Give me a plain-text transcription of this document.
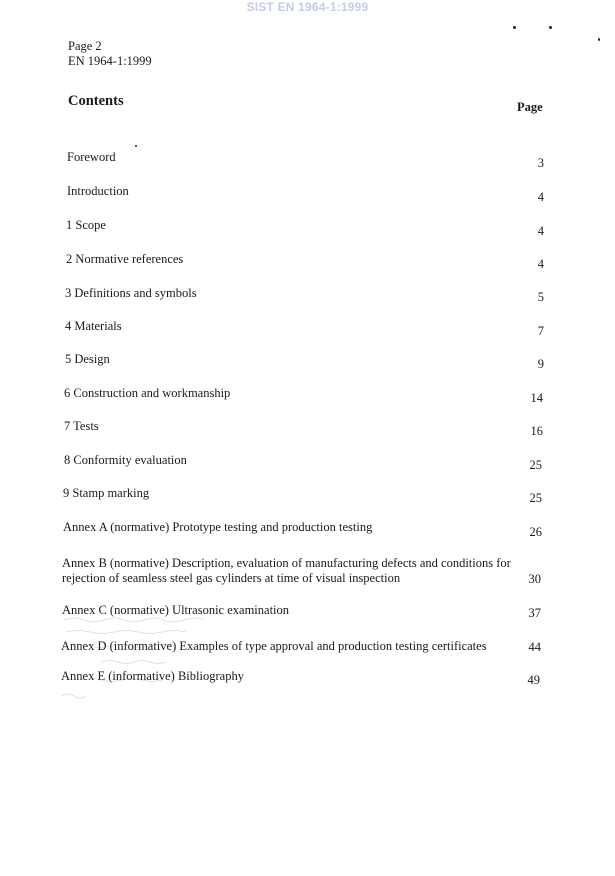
SIST EN 1964-1:1999
Page 2
EN 1964-1:1999
Contents	Page
Foreword	3
Introduction	4
1 Scope	4
2 Normative references	4
3 Definitions and symbols	5
4 Materials	7
5 Design	9
6 Construction and workmanship	14
7 Tests	16
8 Conformity evaluation	25
9 Stamp marking	25
Annex A (normative) Prototype testing and production testing	26
Annex B (normative) Description, evaluation of manufacturing defects and conditions for
rejection of seamless steel gas cylinders at time of visual inspection	30
Annex C (normative) Ultrasonic examination	37
Annex D (informative) Examples of type approval and production testing certificates	44
Annex E (informative) Bibliography	49
